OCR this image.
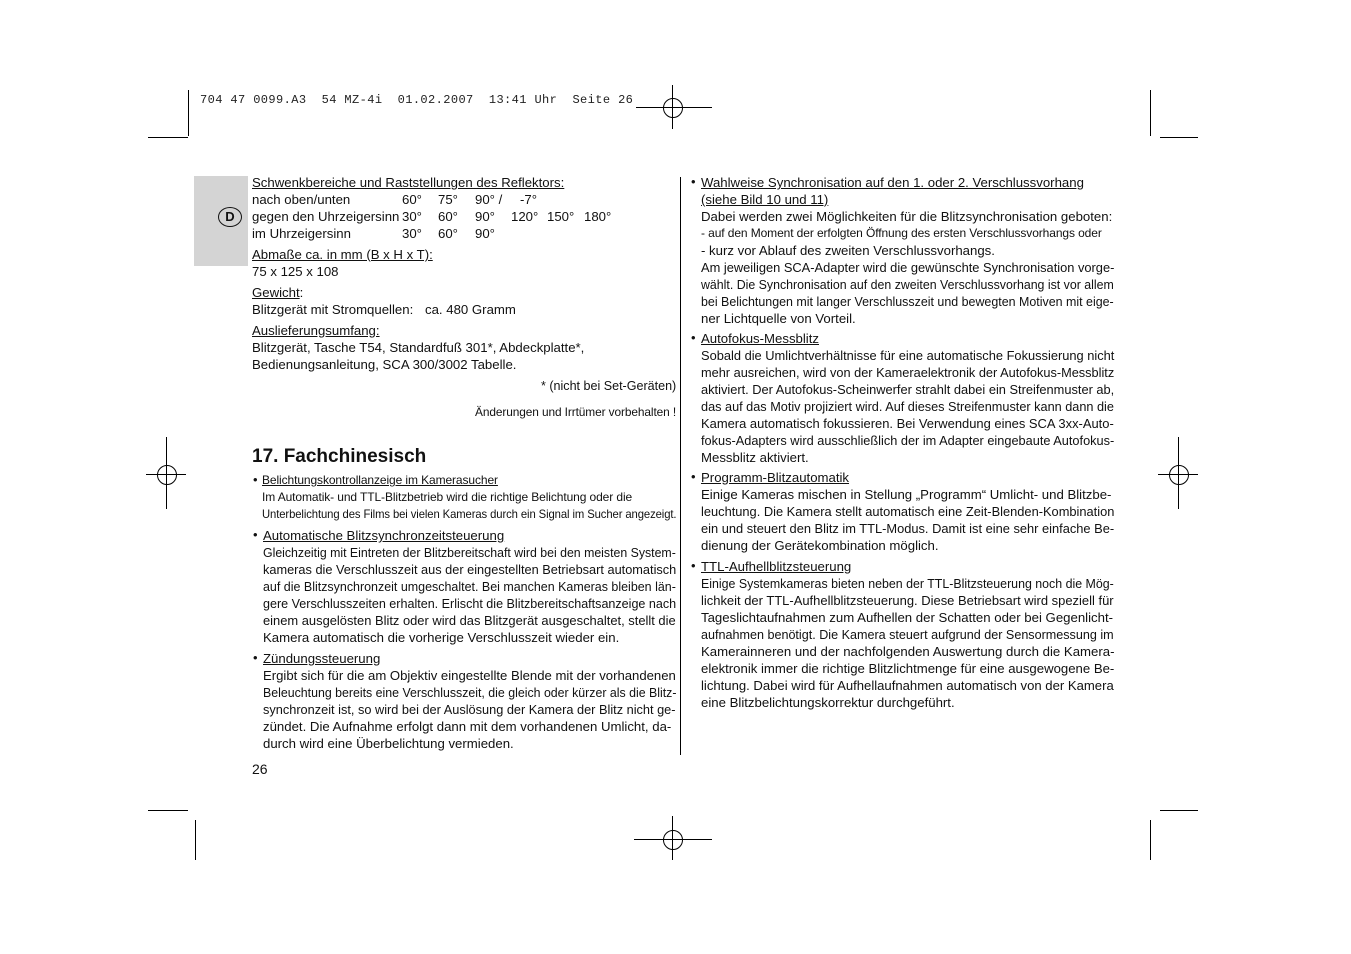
704 47 0099.A3  54 MZ-4i  01.02.2007  13:41 Uhr  Seite 26
D
Schwenkbereiche und Raststellungen des Reflektors:
nach oben/unten	60° 75° 90° / -7°
gegen den Uhrzeigersinn 30° 60° 90° 120° 150° 180°
im Uhrzeigersinn	30° 60° 90°
Abmaße ca. in mm (B x H x T):
75 x 125 x 108
Gewicht:
Blitzgerät mit Stromquellen: ca. 480 Gramm
Auslieferungsumfang:
Blitzgerät, Tasche T54, Standardfuß 301*, Abdeckplatte*,
Bedienungsanleitung, SCA 300/3002 Tabelle.
* (nicht bei Set-Geräten)
Änderungen und Irrtümer vorbehalten !
17. Fachchinesisch
• Belichtungskontrollanzeige im Kamerasucher
Im Automatik- und TTL-Blitzbetrieb wird die richtige Belichtung oder die
Unterbelichtung des Films bei vielen Kameras durch ein Signal im Sucher angezeigt.
• Automatische Blitzsynchronzeitsteuerung
Gleichzeitig mit Eintreten der Blitzbereitschaft wird bei den meisten System-
kameras die Verschlusszeit aus der eingestellten Betriebsart automatisch
auf die Blitzsynchronzeit umgeschaltet. Bei manchen Kameras bleiben län-
gere Verschlusszeiten erhalten. Erlischt die Blitzbereitschaftsanzeige nach
einem ausgelösten Blitz oder wird das Blitzgerät ausgeschaltet, stellt die
Kamera automatisch die vorherige Verschlusszeit wieder ein.
• Zündungssteuerung
Ergibt sich für die am Objektiv eingestellte Blende mit der vorhandenen
Beleuchtung bereits eine Verschlusszeit, die gleich oder kürzer als die Blitz-
synchronzeit ist, so wird bei der Auslösung der Kamera der Blitz nicht ge-
zündet. Die Aufnahme erfolgt dann mit dem vorhandenen Umlicht, da-
durch wird eine Überbelichtung vermieden.
26
• Wahlweise Synchronisation auf den 1. oder 2. Verschlussvorhang
(siehe Bild 10 und 11)
Dabei werden zwei Möglichkeiten für die Blitzsynchronisation geboten:
- auf den Moment der erfolgten Öffnung des ersten Verschlussvorhangs oder
- kurz vor Ablauf des zweiten Verschlussvorhangs.
Am jeweiligen SCA-Adapter wird die gewünschte Synchronisation vorge-
wählt. Die Synchronisation auf den zweiten Verschlussvorhang ist vor allem
bei Belichtungen mit langer Verschlusszeit und bewegten Motiven mit eige-
ner Lichtquelle von Vorteil.
• Autofokus-Messblitz
Sobald die Umlichtverhältnisse für eine automatische Fokussierung nicht
mehr ausreichen, wird von der Kameraelektronik der Autofokus-Messblitz
aktiviert. Der Autofokus-Scheinwerfer strahlt dabei ein Streifenmuster ab,
das auf das Motiv projiziert wird. Auf dieses Streifenmuster kann dann die
Kamera automatisch fokussieren. Bei Verwendung eines SCA 3xx-Auto-
fokus-Adapters wird ausschließlich der im Adapter eingebaute Autofokus-
Messblitz aktiviert.
• Programm-Blitzautomatik
Einige Kameras mischen in Stellung „Programm“ Umlicht- und Blitzbe-
leuchtung. Die Kamera stellt automatisch eine Zeit-Blenden-Kombination
ein und steuert den Blitz im TTL-Modus. Damit ist eine sehr einfache Be-
dienung der Gerätekombination möglich.
• TTL-Aufhellblitzsteuerung
Einige Systemkameras bieten neben der TTL-Blitzsteuerung noch die Mög-
lichkeit der TTL-Aufhellblitzsteuerung. Diese Betriebsart wird speziell für
Tageslichtaufnahmen zum Aufhellen der Schatten oder bei Gegenlicht-
aufnahmen benötigt. Die Kamera steuert aufgrund der Sensormessung im
Kamerainneren und der nachfolgenden Auswertung durch die Kamera-
elektronik immer die richtige Blitzlichtmenge für eine ausgewogene Be-
lichtung. Dabei wird für Aufhellaufnahmen automatisch von der Kamera
eine Blitzbelichtungskorrektur durchgeführt.
